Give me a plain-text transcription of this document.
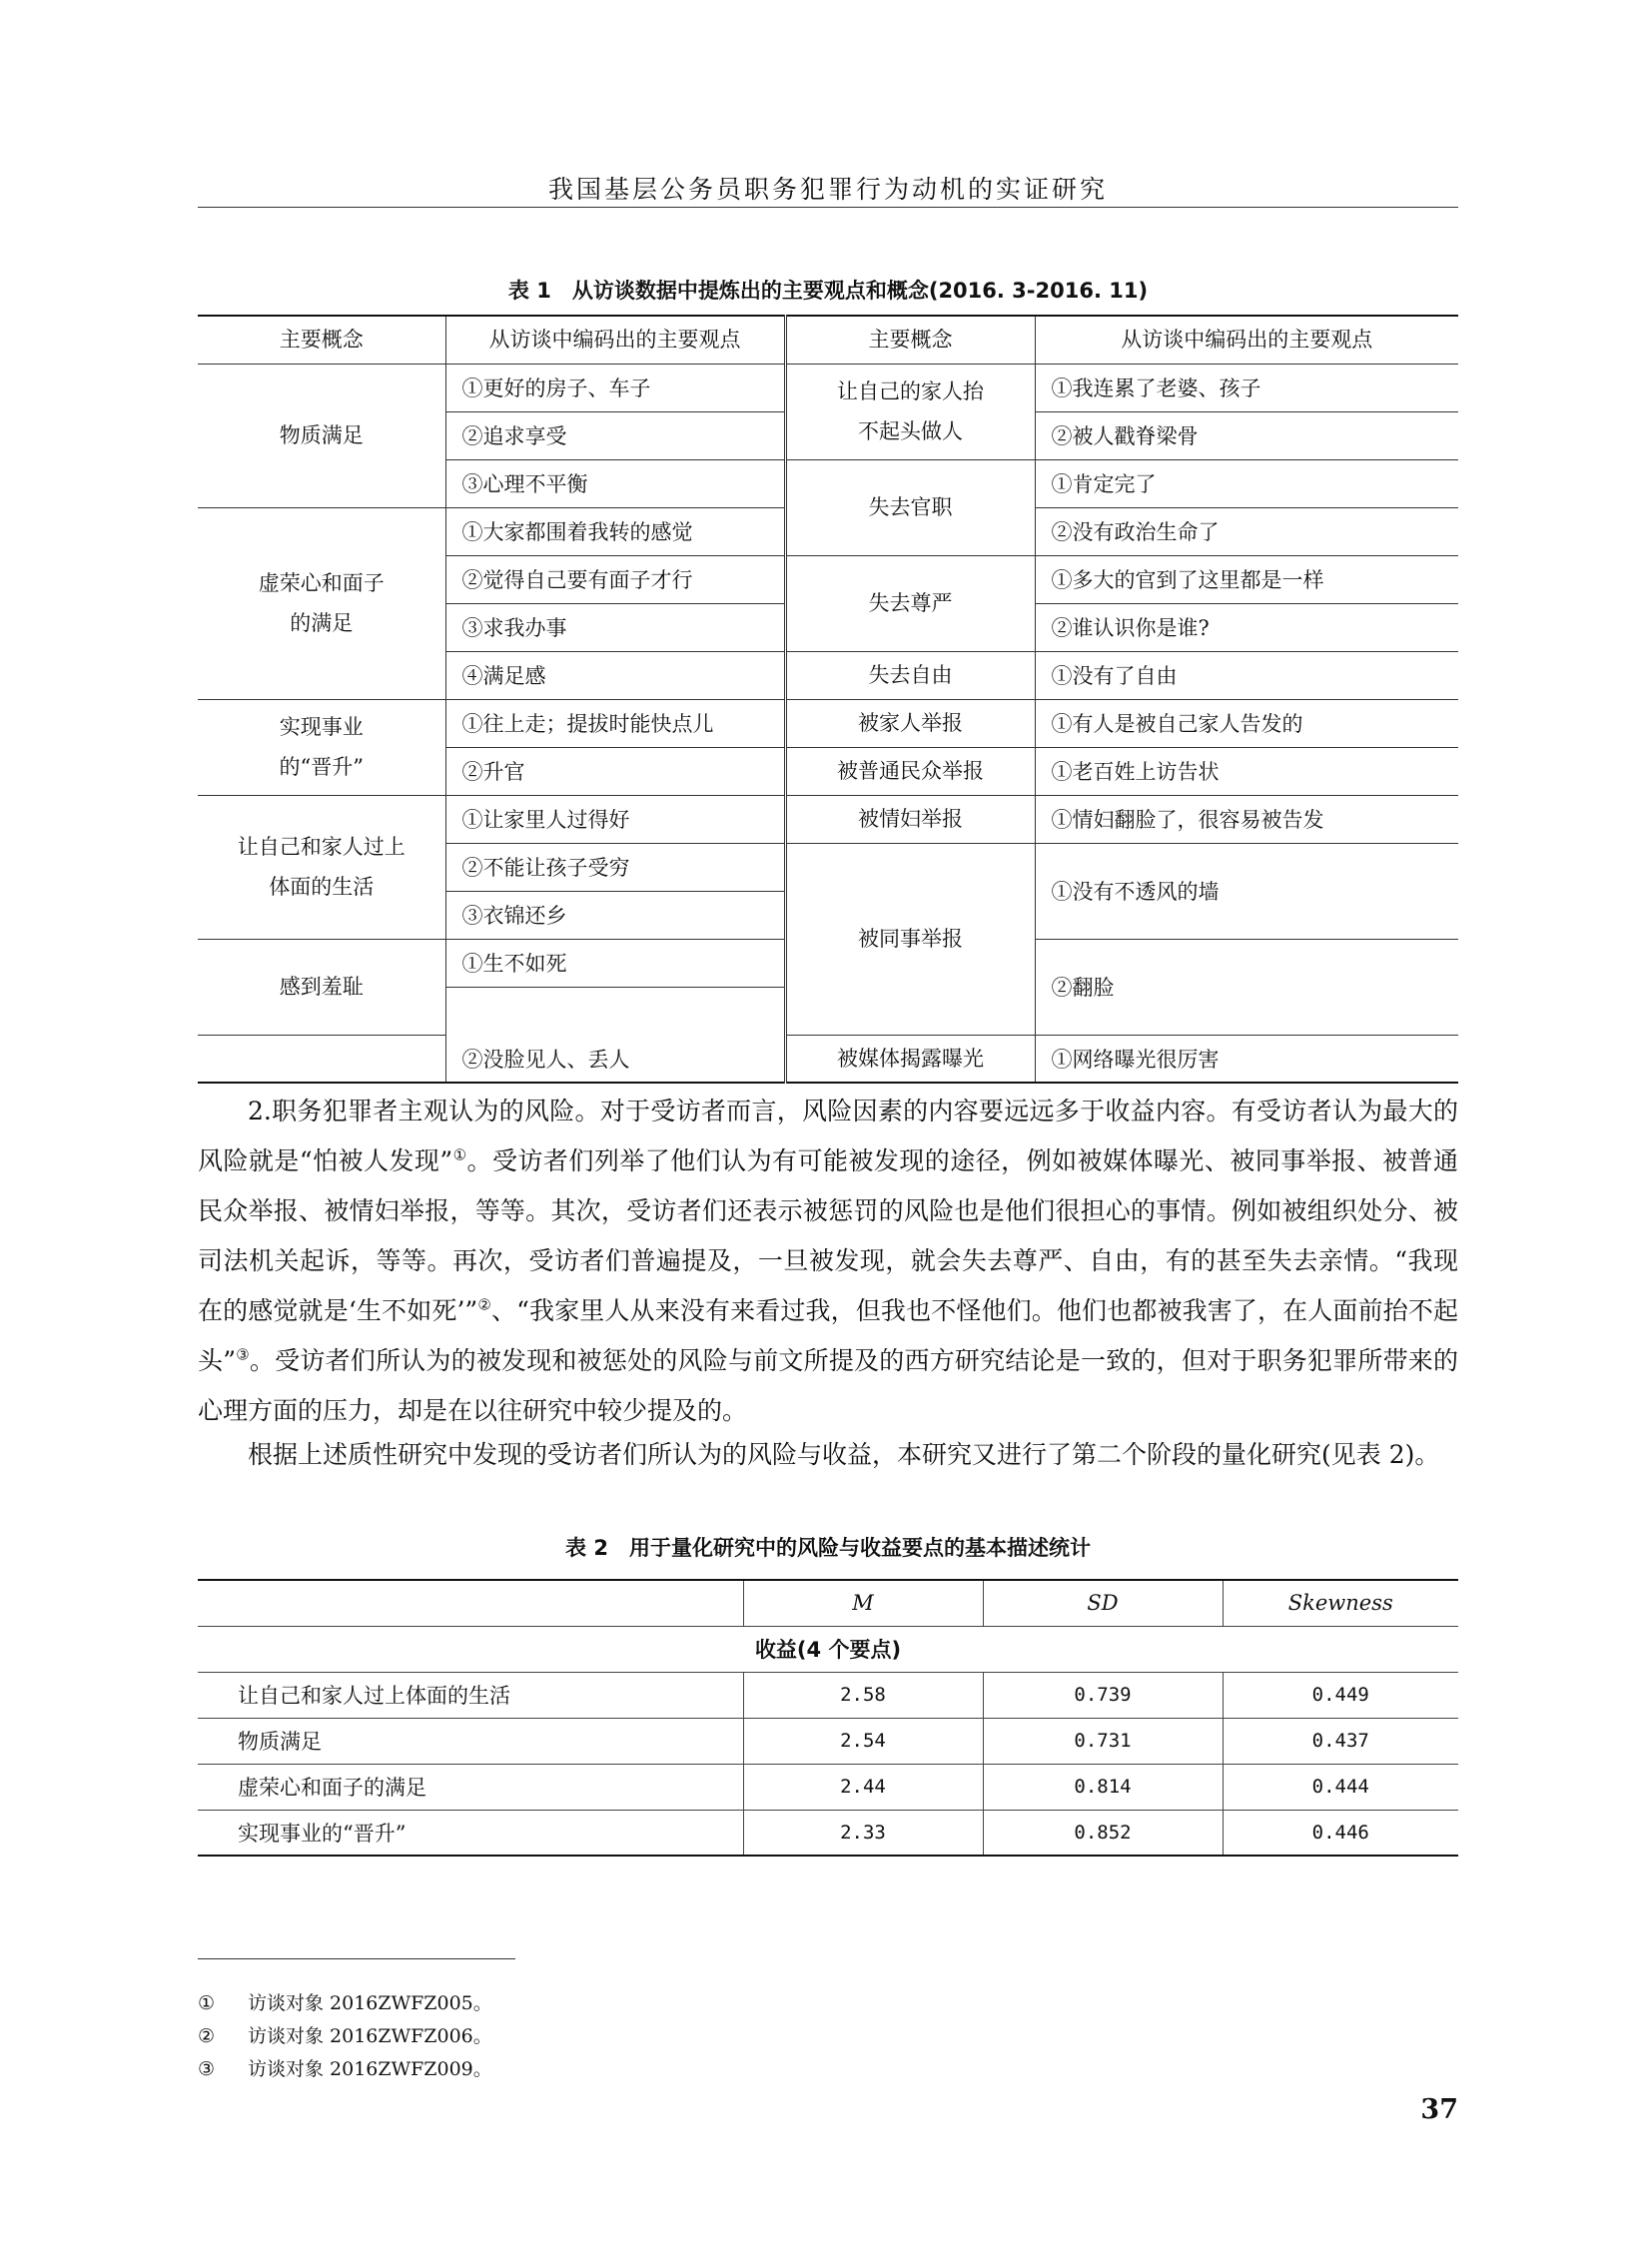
我国基层公务员职务犯罪行为动机的实证研究
表 1　从访谈数据中提炼出的主要观点和概念(2016. 3-2016. 11)
主要概念	从访谈中编码出的主要观点	主要概念	从访谈中编码出的主要观点
物质满足	①更好的房子、车子	让自己的家人抬不起头做人	①我连累了老婆、孩子
	②追求享受		②被人戳脊梁骨
	③心理不平衡	失去官职	①肯定完了

虚荣心和面子的满足	①大家都围着我转的感觉		②没有政治生命了
	②觉得自己要有面子才行	失去尊严	①多大的官到了这里都是一样
	③求我办事		②谁认识你是谁?
	④满足感	失去自由	①没有了自由

实现事业的“晋升”	①往上走；提拔时能快点儿	被家人举报	①有人是被自己家人告发的
	②升官	被普通民众举报	①老百姓上访告状

让自己和家人过上体面的生活	①让家里人过得好	被情妇举报	①情妇翻脸了，很容易被告发
	②不能让孩子受穷	被同事举报	①没有不透风的墙
	③衣锦还乡		
感到羞耻	①生不如死		②翻脸

	②没脸见人、丢人	被媒体揭露曝光	①网络曝光很厉害
2.职务犯罪者主观认为的风险。对于受访者而言，风险因素的内容要远远多于收益内容。有受访者认为最大的风险就是“怕被人发现”①。受访者们列举了他们认为有可能被发现的途径，例如被媒体曝光、被同事举报、被普通民众举报、被情妇举报，等等。其次，受访者们还表示被惩罚的风险也是他们很担心的事情。例如被组织处分、被司法机关起诉，等等。再次，受访者们普遍提及，一旦被发现，就会失去尊严、自由，有的甚至失去亲情。“我现在的感觉就是‘生不如死’”②、“我家里人从来没有来看过我，但我也不怪他们。他们也都被我害了，在人面前抬不起头”③。受访者们所认为的被发现和被惩处的风险与前文所提及的西方研究结论是一致的，但对于职务犯罪所带来的心理方面的压力，却是在以往研究中较少提及的。
根据上述质性研究中发现的受访者们所认为的风险与收益，本研究又进行了第二个阶段的量化研究(见表 2)。
表 2　用于量化研究中的风险与收益要点的基本描述统计
	M	SD	Skewness
收益(4 个要点)			
让自己和家人过上体面的生活	2.58	0.739	0.449
物质满足	2.54	0.731	0.437
虚荣心和面子的满足	2.44	0.814	0.444
实现事业的“晋升”	2.33	0.852	0.446
① 访谈对象 2016ZWFZ005。
② 访谈对象 2016ZWFZ006。
③ 访谈对象 2016ZWFZ009。
37
